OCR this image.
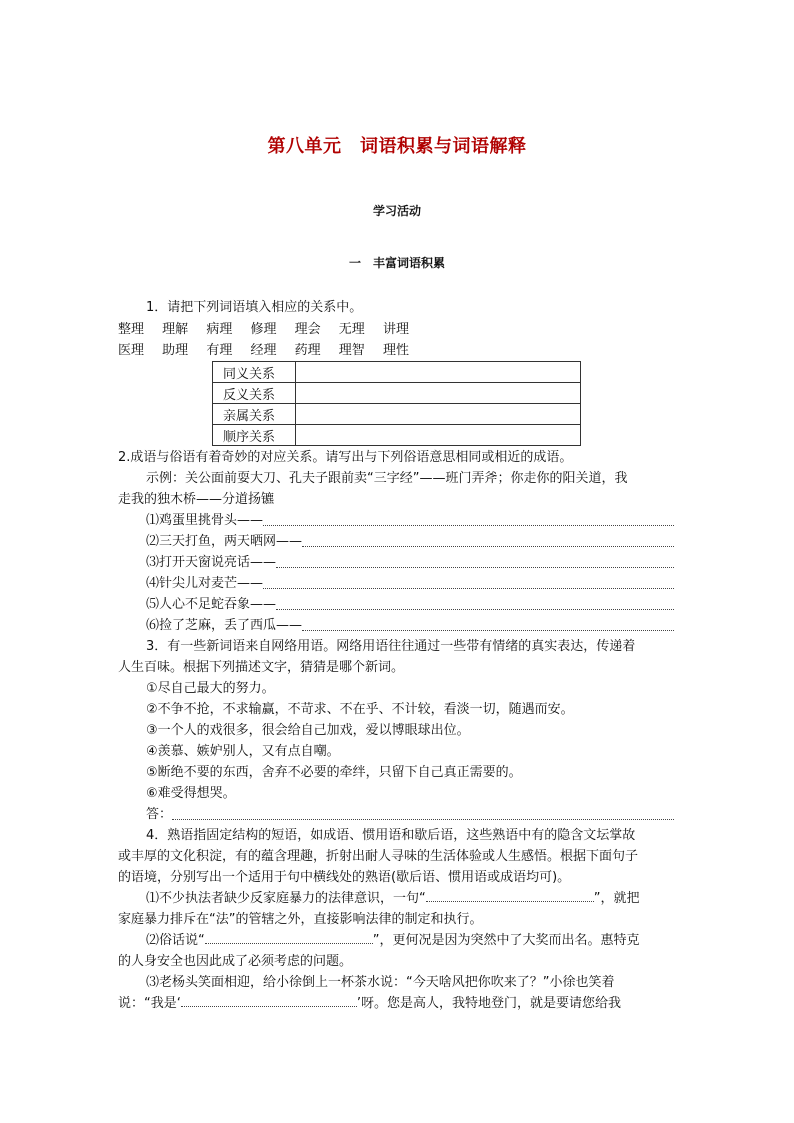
第八单元　词语积累与词语解释
学习活动
一　丰富词语积累
1．请把下列词语填入相应的关系中。
整理 理解 病理 修理 理会 无理 讲理
医理 助理 有理 经理 药理 理智 理性
同义关系	
反义关系	
亲属关系	
顺序关系	
2.成语与俗语有着奇妙的对应关系。请写出与下列俗语意思相同或相近的成语。
示例：关公面前耍大刀、孔夫子跟前卖“三字经”——班门弄斧；你走你的阳关道，我
走我的独木桥——分道扬镳
⑴鸡蛋里挑骨头——
⑵三天打鱼，两天晒网——
⑶打开天窗说亮话——
⑷针尖儿对麦芒——
⑸人心不足蛇吞象——
⑹捡了芝麻，丢了西瓜——
3．有一些新词语来自网络用语。网络用语往往通过一些带有情绪的真实表达，传递着
人生百味。根据下列描述文字，猜猜是哪个新词。
①尽自己最大的努力。
②不争不抢，不求输赢，不苛求、不在乎、不计较，看淡一切，随遇而安。
③一个人的戏很多，很会给自己加戏，爱以博眼球出位。
④羡慕、嫉妒别人，又有点自嘲。
⑤断绝不要的东西，舍弃不必要的牵绊，只留下自己真正需要的。
⑥难受得想哭。
答：
4．熟语指固定结构的短语，如成语、惯用语和歇后语，这些熟语中有的隐含文坛掌故
或丰厚的文化积淀，有的蕴含理趣，折射出耐人寻味的生活体验或人生感悟。根据下面句子
的语境，分别写出一个适用于句中横线处的熟语(歇后语、惯用语或成语均可)。
⑴不少执法者缺少反家庭暴力的法律意识，一句“	”，就把
家庭暴力排斥在“法”的管辖之外，直接影响法律的制定和执行。
⑵俗话说“	”，更何况是因为突然中了大奖而出名。惠特克
的人身安全也因此成了必须考虑的问题。
⑶老杨头笑面相迎，给小徐倒上一杯茶水说：“今天啥风把你吹来了？”小徐也笑着
说：“我是‘	’呀。您是高人，我特地登门，就是要请您给我
